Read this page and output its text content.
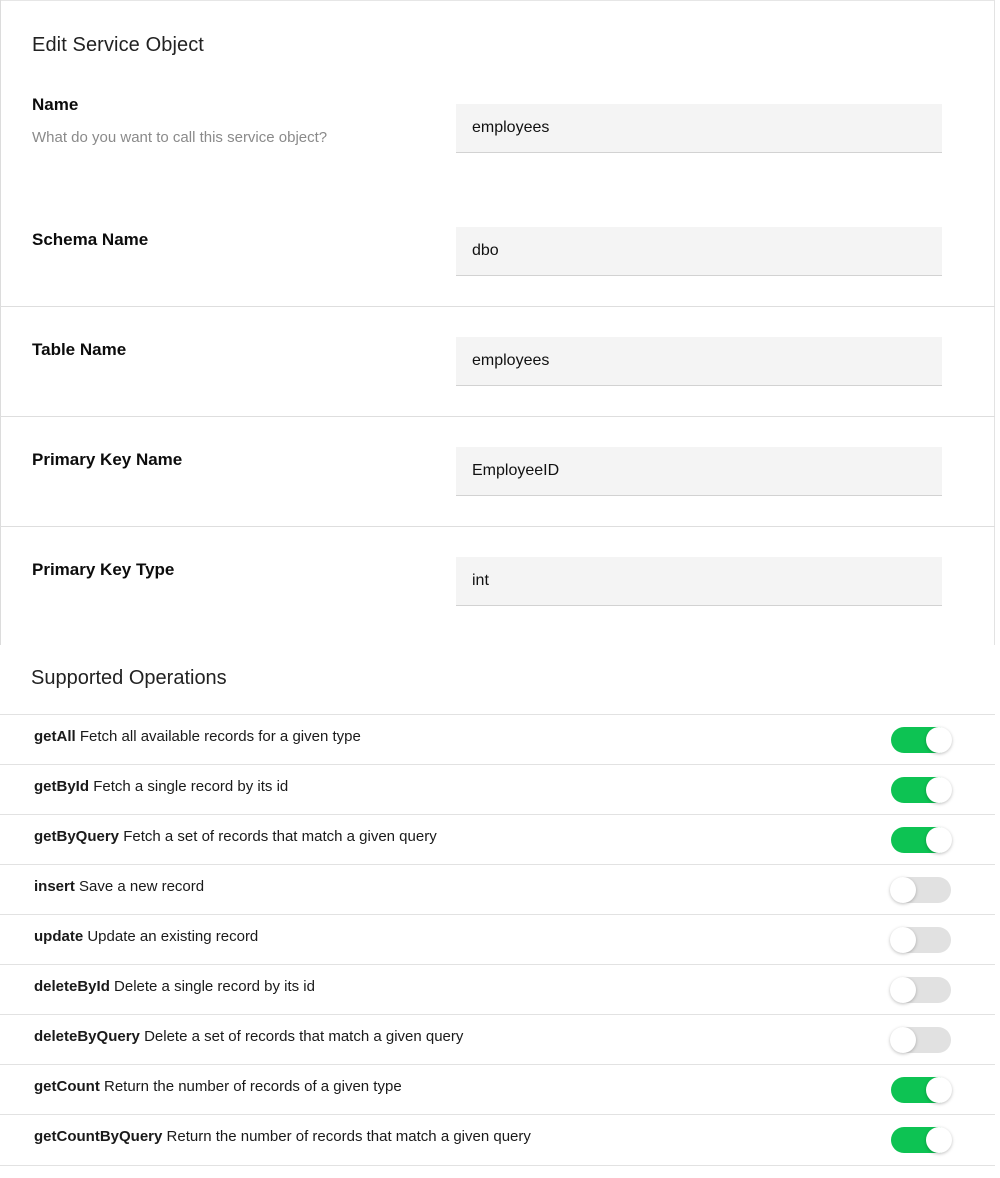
Edit Service Object
Name
What do you want to call this service object?
employees
Schema Name
dbo
Table Name
employees
Primary Key Name
EmployeeID
Primary Key Type
int
Supported Operations
getAll Fetch all available records for a given type
getById Fetch a single record by its id
getByQuery Fetch a set of records that match a given query
insert Save a new record
update Update an existing record
deleteById Delete a single record by its id
deleteByQuery Delete a set of records that match a given query
getCount Return the number of records of a given type
getCountByQuery Return the number of records that match a given query
